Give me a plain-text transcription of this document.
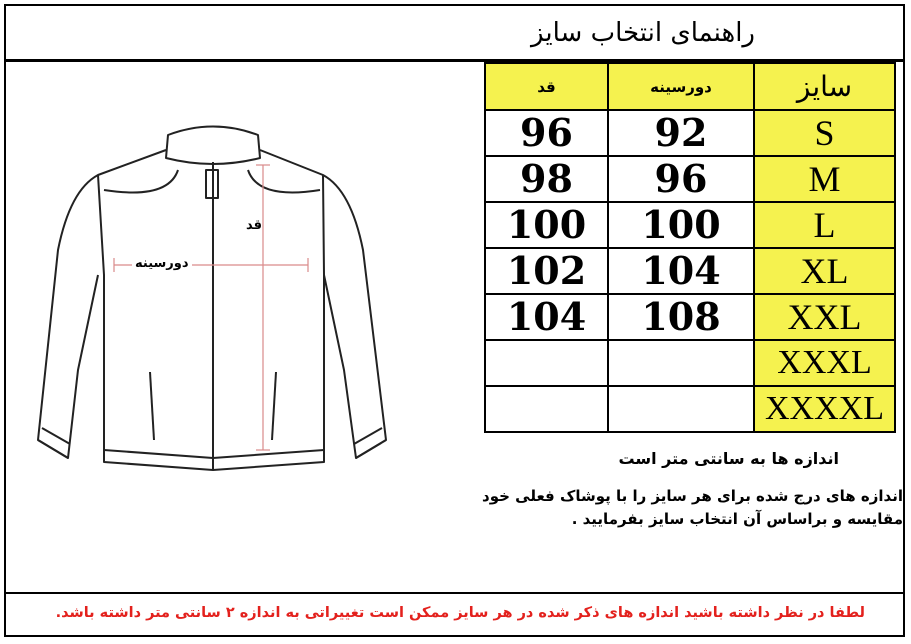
راهنمای انتخاب سایز
قد
دورسینه
قد	دورسینه	سایز
96	92	S
98	96	M
100	100	L
102	104	XL
104	108	XXL
		XXXL
		XXXXL
اندازه ها به سانتی متر است
اندازه های درج شده برای هر سایز را با پوشاک فعلی خود مقایسه و براساس آن انتخاب سایز بفرمایید .
لطفا در نظر داشته باشید اندازه های ذکر شده در هر سایز ممکن است تغییراتی به اندازه ۲ سانتی متر داشته باشد.
